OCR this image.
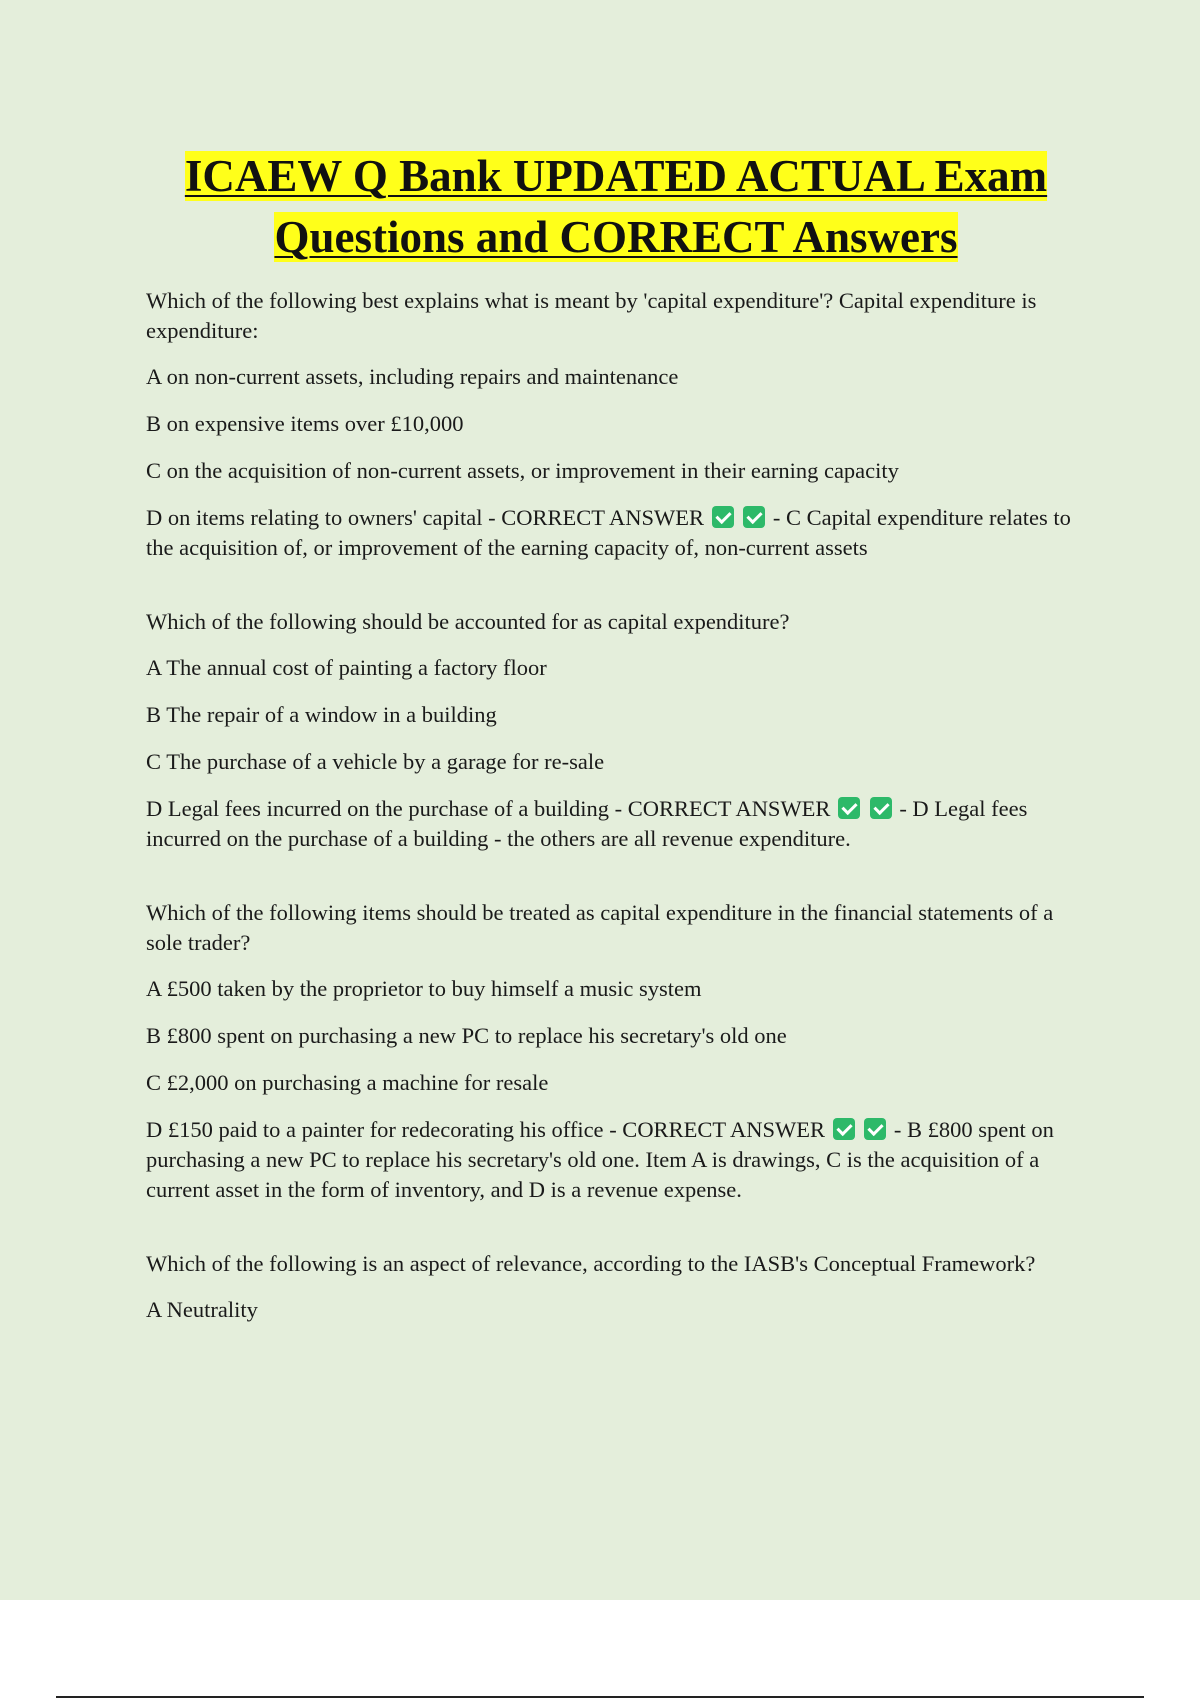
ICAEW Q Bank UPDATED ACTUAL Exam Questions and CORRECT Answers

Which of the following best explains what is meant by 'capital expenditure'? Capital expenditure is expenditure:

A on non-current assets, including repairs and maintenance

B on expensive items over £10,000

C on the acquisition of non-current assets, or improvement in their earning capacity

D on items relating to owners' capital - CORRECT ANSWER	- C Capital expenditure relates to the acquisition of, or improvement of the earning capacity of, non-current assets

Which of the following should be accounted for as capital expenditure?

A The annual cost of painting a factory floor

B The repair of a window in a building

C The purchase of a vehicle by a garage for re-sale

D Legal fees incurred on the purchase of a building - CORRECT ANSWER	- D Legal fees incurred on the purchase of a building - the others are all revenue expenditure.

Which of the following items should be treated as capital expenditure in the financial statements of a sole trader?

A £500 taken by the proprietor to buy himself a music system

B £800 spent on purchasing a new PC to replace his secretary's old one

C £2,000 on purchasing a machine for resale

D £150 paid to a painter for redecorating his office - CORRECT ANSWER	- B £800 spent on purchasing a new PC to replace his secretary's old one. Item A is drawings, C is the acquisition of a current asset in the form of inventory, and D is a revenue expense.

Which of the following is an aspect of relevance, according to the IASB's Conceptual Framework?

A Neutrality
